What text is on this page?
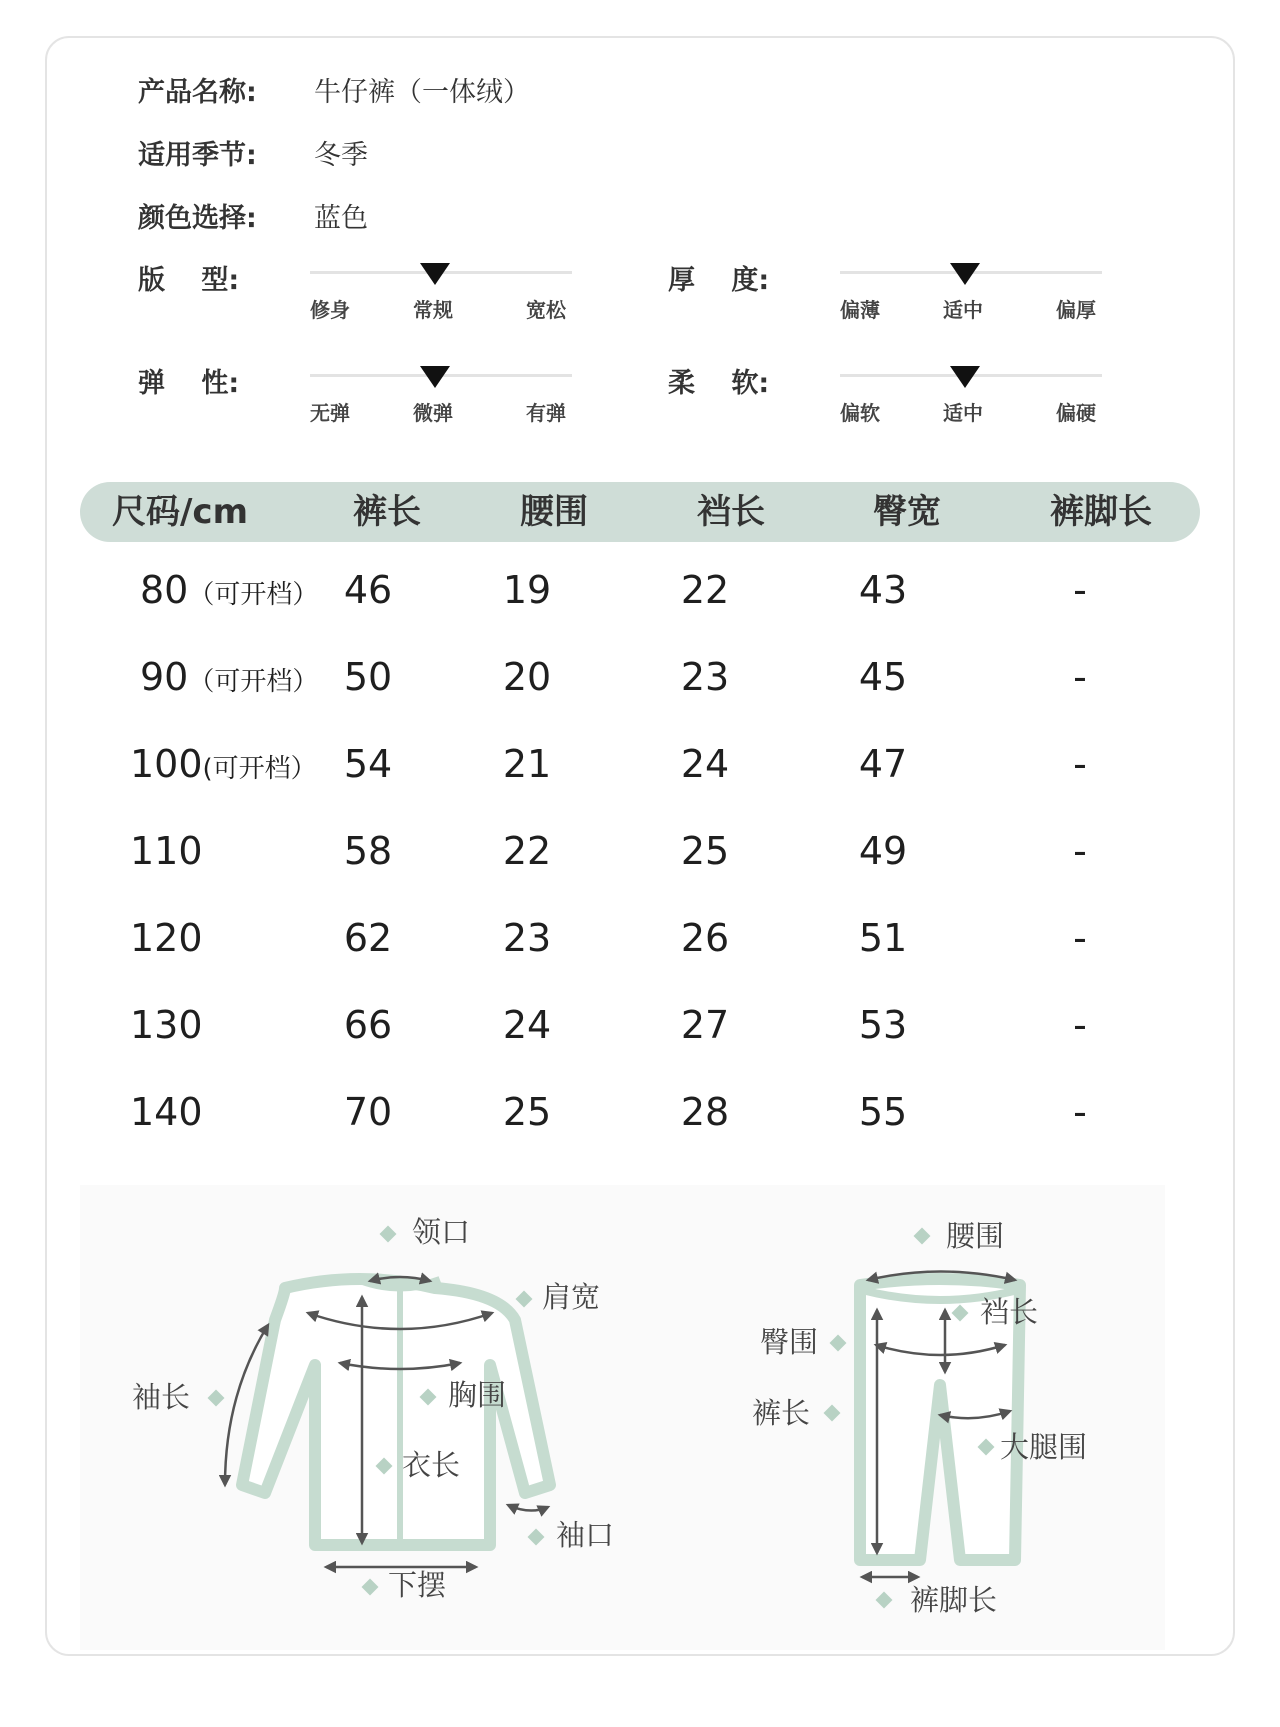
产品名称: 牛仔裤（一体绒）
适用季节: 冬季
颜色选择: 蓝色
版　 型:
修身	常规	宽松
厚　 度:
偏薄	适中	偏厚
弹　 性:
无弹	微弹	有弹
柔　 软:
偏软	适中	偏硬
尺码/cm	裤长	腰围	裆长	臀宽	裤脚长
80（可开档） 46	19	22	43	-
90（可开档） 50	20	23	45	-
100(可开档） 54	21	24	47	-
110	58	22	25	49	-
120	62	23	26	51	-
130	66	24	27	53	-
140	70	25	28	55	-
领口
肩宽
袖长	胸围
衣长
袖口
下摆
腰围
裆长
臀围
裤长
大腿围
裤脚长
